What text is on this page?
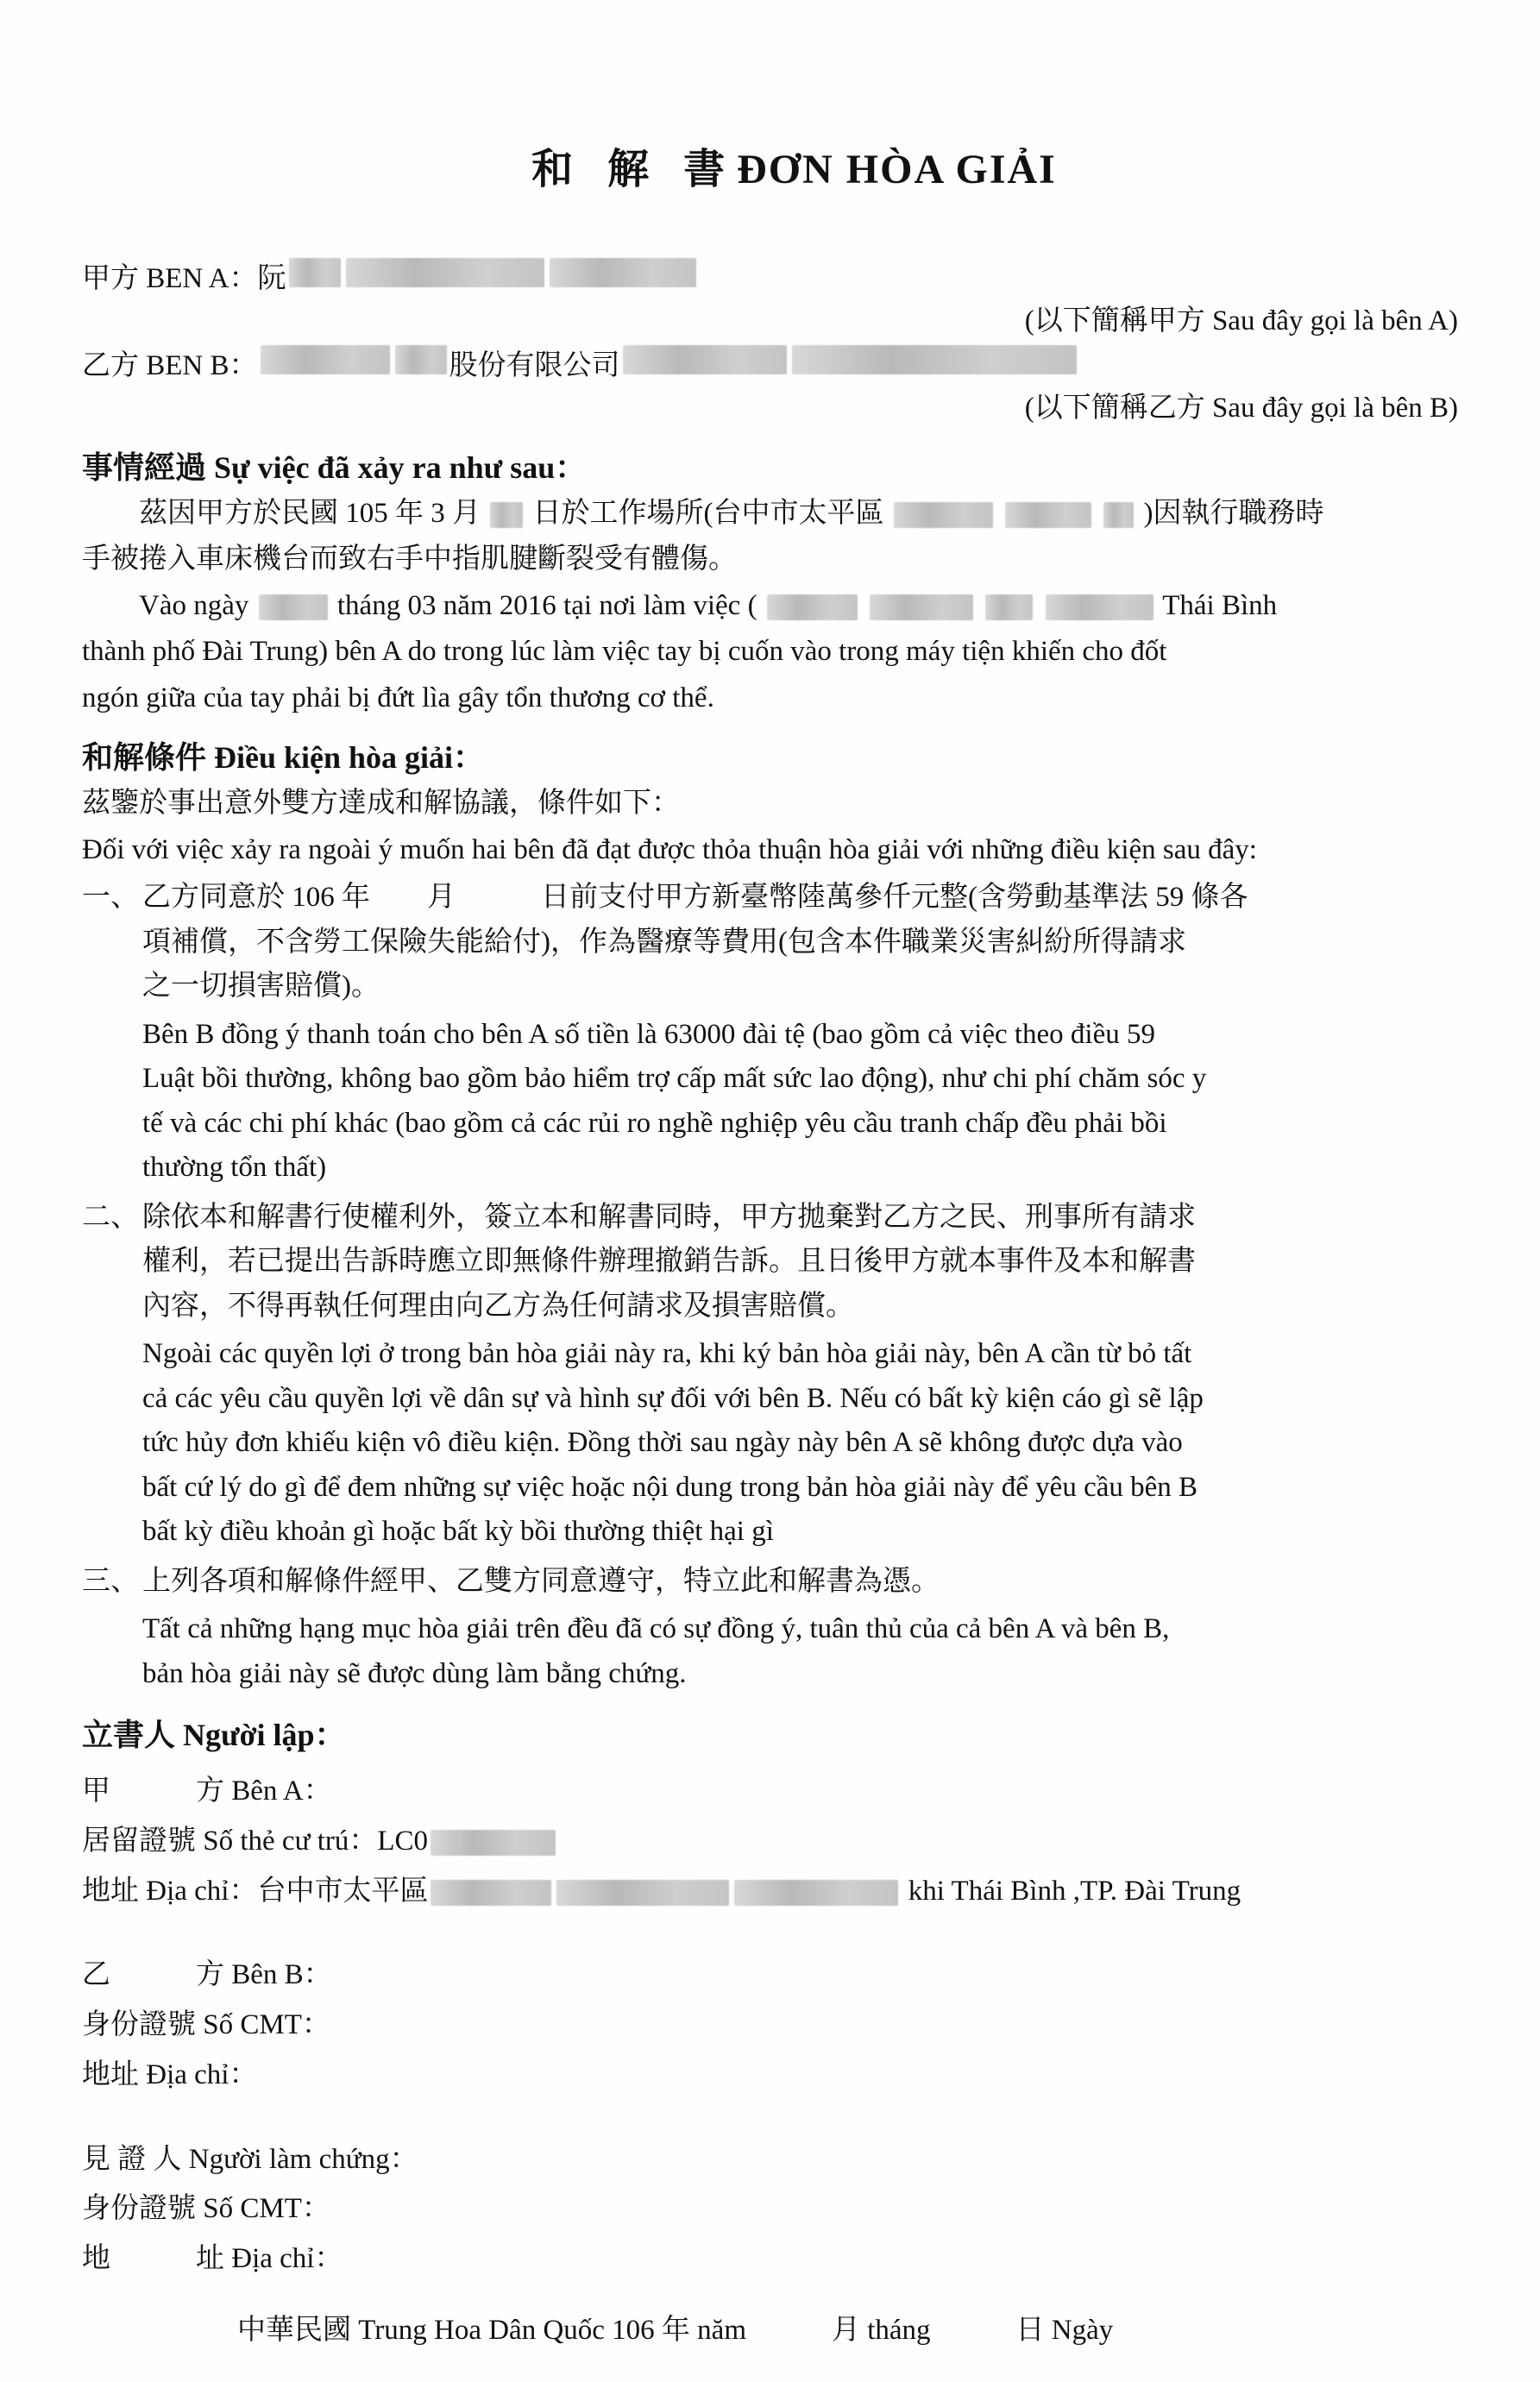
和 解 書ĐƠN HÒA GIẢI

甲方 BEN A： 阮
(以下簡稱甲方 Sau đây gọi là bên A)
乙方 BEN B：	股份有限公司
(以下簡稱乙方 Sau đây gọi là bên B)
事情經過 Sự việc đã xảy ra như sau：
茲因甲方於民國 105 年 3 月 日於工作場所(台中市太平區	)因執行職務時
手被捲入車床機台而致右手中指肌腱斷裂受有體傷。
Vào ngày	tháng 03 năm 2016 tại nơi làm việc (	Thái Bình
thành phố Đài Trung) bên A do trong lúc làm việc tay bị cuốn vào trong máy tiện khiến cho đốt
ngón giữa của tay phải bị đứt lìa gây tổn thương cơ thể.
和解條件 Điều kiện hòa giải：
茲鑒於事出意外雙方達成和解協議，條件如下：
Đối với việc xảy ra ngoài ý muốn hai bên đã đạt được thỏa thuận hòa giải với những điều kiện sau đây:
一、 乙方同意於 106 年　　月　　　日前支付甲方新臺幣陸萬參仟元整(含勞動基準法 59 條各

項補償，不含勞工保險失能給付)，作為醫療等費用(包含本件職業災害糾紛所得請求

之一切損害賠償)。

Bên B đồng ý thanh toán cho bên A số tiền là 63000 đài tệ (bao gồm cả việc theo điều 59

Luật bồi thường, không bao gồm bảo hiểm trợ cấp mất sức lao động), như chi phí chăm sóc y

tế và các chi phí khác (bao gồm cả các rủi ro nghề nghiệp yêu cầu tranh chấp đều phải bồi

thường tổn thất)

二、 除依本和解書行使權利外，簽立本和解書同時，甲方拋棄對乙方之民、刑事所有請求

權利，若已提出告訴時應立即無條件辦理撤銷告訴。且日後甲方就本事件及本和解書

內容，不得再執任何理由向乙方為任何請求及損害賠償。

Ngoài các quyền lợi ở trong bản hòa giải này ra, khi ký bản hòa giải này, bên A cần từ bỏ tất

cả các yêu cầu quyền lợi về dân sự và hình sự đối với bên B. Nếu có bất kỳ kiện cáo gì sẽ lập

tức hủy đơn khiếu kiện vô điều kiện. Đồng thời sau ngày này bên A sẽ không được dựa vào

bất cứ lý do gì để đem những sự việc hoặc nội dung trong bản hòa giải này để yêu cầu bên B

bất kỳ điều khoản gì hoặc bất kỳ bồi thường thiệt hại gì

三、 上列各項和解條件經甲、乙雙方同意遵守，特立此和解書為憑。

Tất cả những hạng mục hòa giải trên đều đã có sự đồng ý, tuân thủ của cả bên A và bên B,

bản hòa giải này sẽ được dùng làm bằng chứng.

立書人 Người lập：
甲　　　方 Bên A：
居留證號 Số thẻ cư trú：LC0
地址 Địa chỉ：台中市太平區	khi Thái Bình ,TP. Đài Trung
乙　　　方 Bên B：
身份證號 Số CMT：
地址 Địa chỉ：
見 證 人 Người làm chứng：
身份證號 Số CMT：
地　　　址 Địa chỉ：
中華民國 Trung Hoa Dân Quốc 106 年 năm　　　月 tháng　　　日 Ngày
